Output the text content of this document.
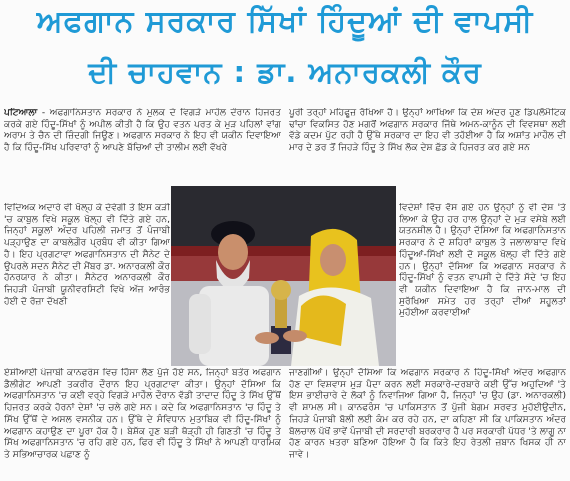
ਅਫਗਾਨ ਸਰਕਾਰ ਸਿੱਖਾਂ ਹਿੰਦੂਆਂ ਦੀ ਵਾਪਸੀ
ਦੀ ਚਾਹਵਾਨ : ਡਾ. ਅਨਾਰਕਲੀ ਕੌਰ

ਪਟਿਆਲਾ - ਅਫਗਾਨਿਸਤਾਨ ਸਰਕਾਰ ਨੇ ਮੁਲਕ ਦੇ ਵਿਗੜੇ ਮਾਹੌਲ ਦੌਰਾਨ ਹਿਜਰਤ ਕਰਕੇ ਗਏ ਹਿੰਦੂ-ਸਿੱਖਾਂ ਨੂੰ ਅਪੀਲ ਕੀਤੀ ਹੈ ਕਿ ਉਹ ਵਤਨ ਪਰਤ ਕੇ ਮੁੜ ਪਹਿਲਾਂ ਵਾਂਗ ਅਰਾਮ ਤੇ ਚੈਨ ਦੀ ਜ਼ਿੰਦਗੀ ਜਿਊਣ। ਅਫਗਾਨ ਸਰਕਾਰ ਨੇ ਇਹ ਵੀ ਯਕੀਨ ਦਿਵਾਇਆ ਹੈ ਕਿ ਹਿੰਦੂ-ਸਿੱਖ ਪਰਿਵਾਰਾਂ ਨੂੰ ਆਪਣੇ ਬੱਚਿਆਂ ਦੀ ਤਾਲੀਮ ਲਈ ਵੱਖਰੇ

ਪੂਰੀ ਤਰ੍ਹਾਂ ਮਹਿਫੂਜ਼ ਰੱਖਿਆ ਹੈ। ਉਨ੍ਹਾਂ ਆਖਿਆ ਕਿ ਦੇਸ਼ ਅੰਦਰ ਹੁਣ ਡਿਪਲੋਮੈਟਿਕ ਢਾਂਚਾ ਵਿਕਸਿਤ ਹੋਣ ਮਗਰੋਂ ਅਫਗਾਨ ਸਰਕਾਰ ਜਿੱਥੇ ਅਮਨ-ਕਾਨੂੰਨ ਦੀ ਵਿਵਸਥਾ ਲਈ ਵੱਡੇ ਕਦਮ ਪੁੱਟ ਰਹੀ ਹੈ ਉੱਥੇ ਸਰਕਾਰ ਦਾ ਇਹ ਵੀ ਤਹੱਈਆ ਹੈ ਕਿ ਅਸ਼ਾਂਤ ਮਾਹੌਲ ਦੀ ਮਾਰ ਦੇ ਡਰ ਤੋਂ ਜਿਹੜੇ ਹਿੰਦੂ ਤੇ ਸਿੱਖ ਲੋਕ ਦੇਸ਼ ਛੱਡ ਕੇ ਹਿਜਰਤ ਕਰ ਗਏ ਸਨ

ਵਿਦਿਅਕ ਅਦਾਰੇ ਵੀ ਖੋਲ੍ਹ ਕੇ ਦੇਵੇਗੀ ਤੇ ਇਸ ਕੜੀ 'ਚ ਕਾਬੁਲ ਵਿਖੇ ਸਕੂਲ ਖੋਲ੍ਹ ਵੀ ਦਿੱਤੇ ਗਏ ਹਨ, ਜਿਨ੍ਹਾਂ ਸਕੂਲਾਂ ਅੰਦਰ ਪਹਿਲੀ ਜਮਾਤ ਤੋਂ ਪੰਜਾਬੀ ਪੜ੍ਹਾਉਣ ਦਾ ਕਾਬਲੇਗ਼ੌਰ ਪ੍ਰਬੰਧ ਵੀ ਕੀਤਾ ਗਿਆ ਹੈ। ਇਹ ਪ੍ਰਗਟਾਵਾ ਅਫਗਾਨਿਸਤਾਨ ਦੀ ਸੈਨੇਟ ਦੇ ਉਪਰਲੇ ਸਦਨ ਸੈਨੇਟ ਦੀ ਮੈਂਬਰ ਡਾ. ਅਨਾਰਕਲੀ ਕੌਰ ਹੋਨਰਯਾਰ ਨੇ ਕੀਤਾ। ਸੈਨੇਟਰ ਅਨਾਰਕਲੀ ਕੌਰ ਜਿਹੜੀ ਪੰਜਾਬੀ ਯੂਨੀਵਰਸਿਟੀ ਵਿਖੇ ਅੱਜ ਆਰੰਭ ਹੋਈ ਦੋ ਰੋਜ਼ਾ ਦੱਖਣੀ

ਵਿਦੇਸ਼ਾਂ ਵਿੱਚ ਵੱਸ ਗਏ ਹਨ ਉਨ੍ਹਾਂ ਨੂੰ ਵੀ ਦੇਸ਼ 'ਤੇ ਲਿਆ ਕੇ ਉਹ ਹਰ ਹਾਲ ਉਨ੍ਹਾਂ ਦੇ ਮੁੜ ਵਸੇਬੇ ਲਈ ਯਤਨਸ਼ੀਲ ਹੈ। ਉਨ੍ਹਾਂ ਦੱਸਿਆ ਕਿ ਅਫਗਾਨਿਸਤਾਨ ਸਰਕਾਰ ਨੇ ਦੋ ਸ਼ਹਿਰਾਂ ਕਾਬੁਲ ਤੇ ਜਲਾਲਾਬਾਦ ਵਿਖੇ ਹਿੰਦੂਆਂ-ਸਿੱਖਾਂ ਲਈ ਦੋ ਸਕੂਲ ਖੋਲ੍ਹ ਵੀ ਦਿੱਤੇ ਗਏ ਹਨ। ਉਨ੍ਹਾਂ ਦੱਸਿਆ ਕਿ ਅਫਗਾਨ ਸਰਕਾਰ ਨੇ ਹਿੰਦੂ-ਸਿੱਖਾਂ ਨੂੰ ਵਤਨ ਵਾਪਸੀ ਦੇ ਦਿੱਤੇ ਸੱਦੇ 'ਚ ਇਹ ਵੀ ਯਕੀਨ ਦਿਵਾਇਆ ਹੈ ਕਿ ਜਾਨ-ਮਾਲ ਦੀ ਸੁਰੱਖਿਆ ਸਮੇਤ ਹਰ ਤਰ੍ਹਾਂ ਦੀਆਂ ਸਹੂਲਤਾਂ ਮੁਹੱਈਆ ਕਰਵਾਈਆਂ

ਏਸ਼ੀਆਈ ਪੰਜਾਬੀ ਕਾਨਫਰੰਸ ਵਿਚ ਹਿੱਸਾ ਲੈਣ ਪੁੱਜੇ ਹੋਏ ਸਨ, ਜਿਨ੍ਹਾਂ ਬਤੌਰ ਅਫਗਾਨ ਡੈਲੀਗੇਟ ਆਪਣੀ ਤਕਰੀਰ ਦੌਰਾਨ ਇਹ ਪ੍ਰਗਟਾਵਾ ਕੀਤਾ। ਉਨ੍ਹਾਂ ਦੱਸਿਆ ਕਿ ਅਫਗਾਨਿਸਤਾਨ 'ਚ ਕਈ ਵਰ੍ਹੇ ਵਿਗੜੇ ਮਾਹੌਲ ਦੌਰਾਨ ਵੱਡੀ ਤਾਦਾਦ ਹਿੰਦੂ ਤੇ ਸਿੱਖ ਉੱਥੋਂ ਹਿਜਰਤ ਕਰਕੇ ਹੋਰਨਾਂ ਦੇਸ਼ਾਂ 'ਚ ਚਲੇ ਗਏ ਸਨ। ਕਦੇ ਕਿ ਅਫਗਾਨਿਸਤਾਨ 'ਚ ਹਿੰਦੂ ਤੇ ਸਿੱਖ ਉੱਥੋਂ ਦੇ ਅਸਲ ਵਸਨੀਕ ਹਨ। ਉੱਥੇ ਦੇ ਸੰਵਿਧਾਨ ਮੁਤਾਬਿਕ ਵੀ ਹਿੰਦੂ-ਸਿੱਖਾਂ ਨੂੰ ਅਫਗਾਨ ਕਹਾਉਣ ਦਾ ਪੂਰਾ ਹੱਕ ਹੈ। ਬੇਸ਼ੱਕ ਹੁਣ ਬੜੀ ਥੋੜ੍ਹੀ ਹੀ ਗਿਣਤੀ 'ਚ ਹਿੰਦੂ ਤੇ ਸਿੱਖ ਅਫਗਾਨਿਸਤਾਨ 'ਚ ਰਹਿ ਗਏ ਹਨ, ਫਿਰ ਵੀ ਹਿੰਦੂ ਤੇ ਸਿੱਖਾਂ ਨੇ ਆਪਣੀ ਧਾਰਮਿਕ ਤੇ ਸਭਿਆਚਾਰਕ ਪਛਾਣ ਨੂੰ

ਜਾਣਗੀਆਂ। ਉਨ੍ਹਾਂ ਦੱਸਿਆ ਕਿ ਅਫਗਾਨ ਸਰਕਾਰ ਨੇ ਹਿੰਦੂ-ਸਿੱਖਾਂ ਅੰਦਰ ਅਫਗਾਨ ਹੋਣ ਦਾ ਵਿਸ਼ਵਾਸ ਮੁੜ ਪੈਦਾ ਕਰਨ ਲਈ ਸਰਕਾਰੇ-ਦਰਬਾਰੇ ਕਈ ਉੱਚ ਅਹੁਦਿਆਂ 'ਤੇ ਇਸ ਭਾਈਚਾਰੇ ਦੇ ਲੋਕਾਂ ਨੂੰ ਨਿਵਾਜਿਆ ਗਿਆ ਹੈ, ਜਿਨ੍ਹਾਂ 'ਚ ਉਹ (ਡਾ. ਅਨਾਰਕਲੀ) ਵੀ ਸ਼ਾਮਲ ਸੀ। ਕਾਨਫਰੰਸ 'ਚ ਪਾਕਿਸਤਾਨ ਤੋਂ ਪੁੱਜੀ ਬੇਗਮ ਸਰਵਤ ਮੁਹੱਈਉਦੀਨ, ਜਿਹੜੇ ਪੰਜਾਬੀ ਬੋਲੀ ਲਈ ਕੰਮ ਕਰ ਰਹੇ ਹਨ, ਦਾ ਕਹਿਣਾ ਸੀ ਕਿ ਪਾਕਿਸਤਾਨ ਅੰਦਰ ਬੋਲਚਾਲ ਪੱਖੋਂ ਭਾਵੇਂ ਪੰਜਾਬੀ ਦੀ ਸਰਦਾਰੀ ਬਰਕਰਾਰ ਹੈ ਪਰ ਸਰਕਾਰੀ ਪੱਧਰ 'ਤੇ ਲਾਗੂ ਨਾ ਹੋਣ ਕਾਰਨ ਖ਼ਤਰਾ ਬਣਿਆ ਹੋਇਆ ਹੈ ਕਿ ਕਿਤੇ ਇਹ ਰੇਤਲੀ ਜ਼ਬਾਨ ਖਿਸਕ ਹੀ ਨਾ ਜਾਵੇ।
